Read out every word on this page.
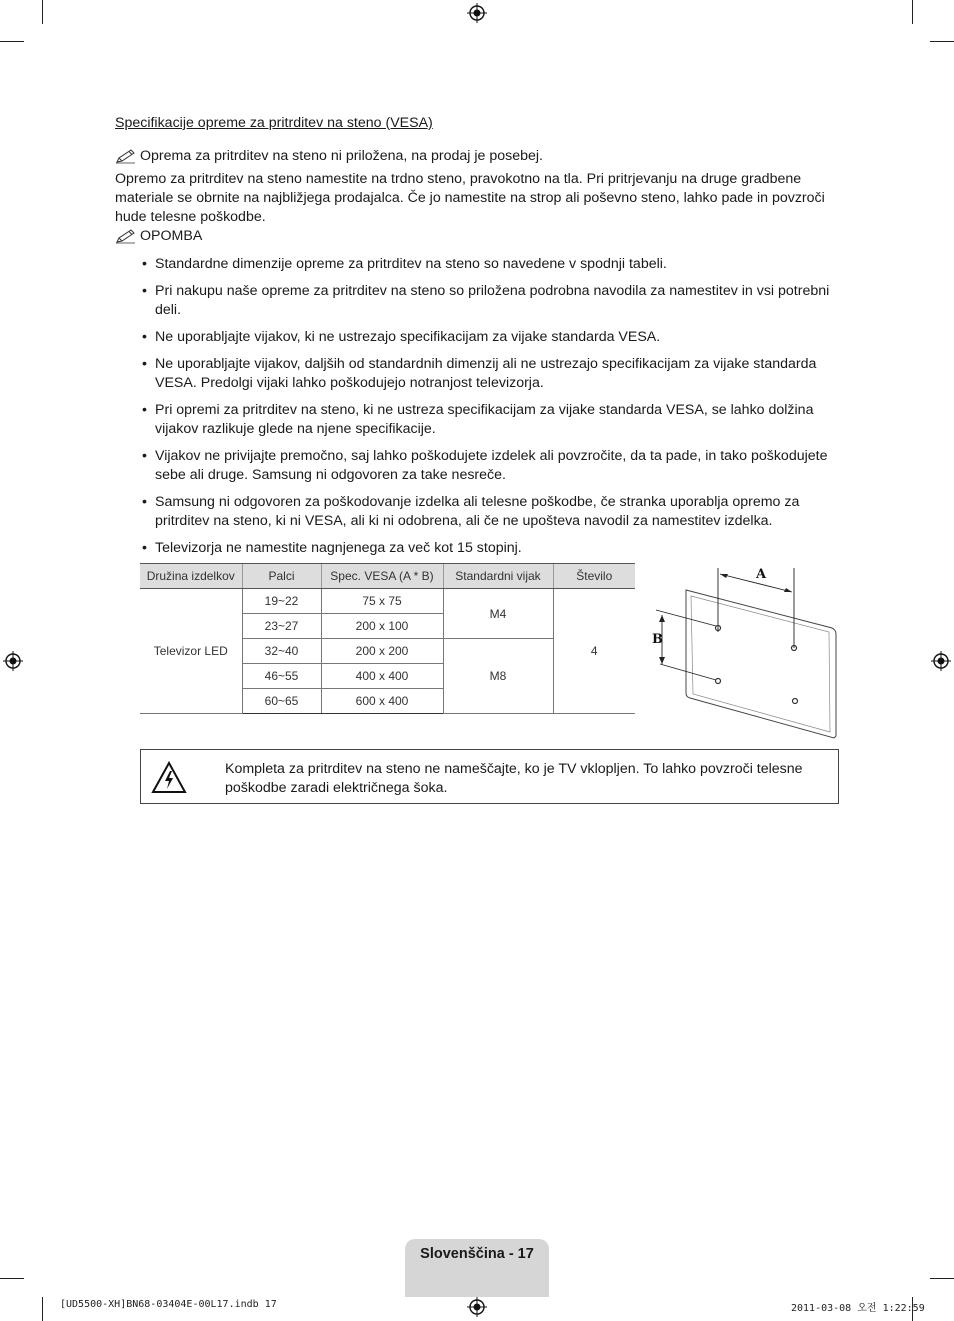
Specifikacije opreme za pritrditev na steno (VESA)
Oprema za pritrditev na steno ni priložena, na prodaj je posebej.

Opremo za pritrditev na steno namestite na trdno steno, pravokotno na tla. Pri pritrjevanju na druge gradbene materiale se obrnite na najbližjega prodajalca. Če jo namestite na strop ali poševno steno, lahko pade in povzroči hude telesne poškodbe.

OPOMBA
• Standardne dimenzije opreme za pritrditev na steno so navedene v spodnji tabeli.
• Pri nakupu naše opreme za pritrditev na steno so priložena podrobna navodila za namestitev in vsi potrebni deli.
• Ne uporabljajte vijakov, ki ne ustrezajo specifikacijam za vijake standarda VESA.
• Ne uporabljajte vijakov, daljših od standardnih dimenzij ali ne ustrezajo specifikacijam za vijake standarda VESA. Predolgi vijaki lahko poškodujejo notranjost televizorja.
• Pri opremi za pritrditev na steno, ki ne ustreza specifikacijam za vijake standarda VESA, se lahko dolžina vijakov razlikuje glede na njene specifikacije.
• Vijakov ne privijajte premočno, saj lahko poškodujete izdelek ali povzročite, da ta pade, in tako poškodujete sebe ali druge. Samsung ni odgovoren za take nesreče.
• Samsung ni odgovoren za poškodovanje izdelka ali telesne poškodbe, če stranka uporablja opremo za pritrditev na steno, ki ni VESA, ali ki ni odobrena, ali če ne upošteva navodil za namestitev izdelka.
• Televizorja ne namestite nagnjenega za več kot 15 stopinj.
Družina izdelkov	Palci	Spec. VESA (A * B)	Standardni vijak	Število
Televizor LED	19~22	75 x 75	M4	4
	23~27	200 x 100		
	32~40	200 x 200	M8	
	46~55	400 x 400		
	60~65	600 x 400		
A
B
Kompleta za pritrditev na steno ne nameščajte, ko je TV vklopljen. To lahko povzroči telesne poškodbe zaradi električnega šoka.
Slovenščina - 17
[UD5500-XH]BN68-03404E-00L17.indb 17	2011-03-08 오전 1:22:59
